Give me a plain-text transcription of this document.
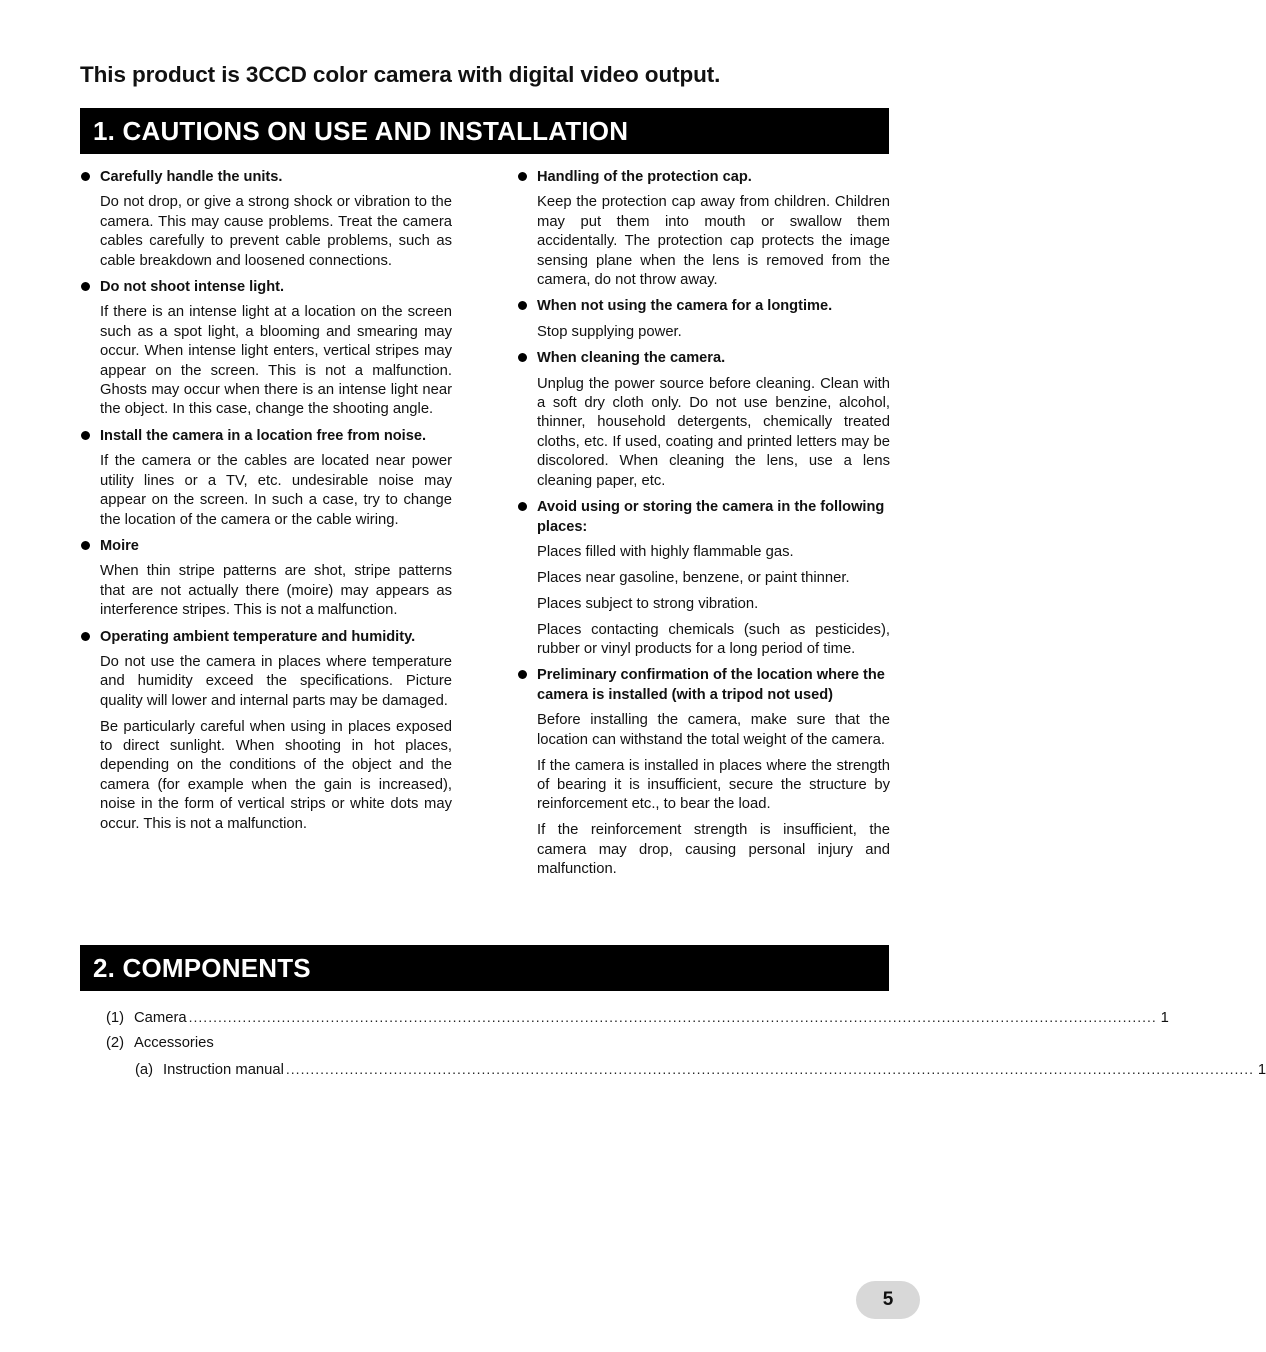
This product is 3CCD color camera with digital video output.
1. CAUTIONS ON USE AND INSTALLATION
Carefully handle the units.

Do not drop, or give a strong shock or vibration to the camera. This may cause problems. Treat the camera cables carefully to prevent cable problems, such as cable breakdown and loosened connections.

Do not shoot intense light.

If there is an intense light at a location on the screen such as a spot light, a blooming and smearing may occur. When intense light enters, vertical stripes may appear on the screen. This is not a malfunction. Ghosts may occur when there is an intense light near the object. In this case, change the shooting angle.

Install the camera in a location free from noise.

If the camera or the cables are located near power utility lines or a TV, etc. undesirable noise may appear on the screen. In such a case, try to change the location of the camera or the cable wiring.

Moire

When thin stripe patterns are shot, stripe patterns that are not actually there (moire) may appears as interference stripes. This is not a malfunction.

Operating ambient temperature and humidity.

Do not use the camera in places where temperature and humidity exceed the specifications. Picture quality will lower and internal parts may be damaged.

Be particularly careful when using in places exposed to direct sunlight. When shooting in hot places, depending on the conditions of the object and the camera (for example when the gain is increased), noise in the form of vertical strips or white dots may occur. This is not a malfunction.

Handling of the protection cap.

Keep the protection cap away from children. Children may put them into mouth or swallow them accidentally. The protection cap protects the image sensing plane when the lens is removed from the camera, do not throw away.

When not using the camera for a longtime.

Stop supplying power.

When cleaning the camera.

Unplug the power source before cleaning. Clean with a soft dry cloth only. Do not use benzine, alcohol, thinner, household detergents, chemically treated cloths, etc. If used, coating and printed letters may be discolored. When cleaning the lens, use a lens cleaning paper, etc.

Avoid using or storing the camera in the following places:

Places filled with highly flammable gas.

Places near gasoline, benzene, or paint thinner.

Places subject to strong vibration.

Places contacting chemicals (such as pesticides), rubber or vinyl products for a long period of time.

Preliminary confirmation of the location where the camera is installed (with a tripod not used)

Before installing the camera, make sure that the location can withstand the total weight of the camera.

If the camera is installed in places where the strength of bearing it is insufficient, secure the structure by reinforcement etc., to bear the load.

If the reinforcement strength is insufficient, the camera may drop, causing personal injury and malfunction.

2. COMPONENTS
(1) Camera ...................................................................................................................................................................................................... 1
(2) Accessories
(a) Instruction manual ...................................................................................................................................................................................................... 1
5
